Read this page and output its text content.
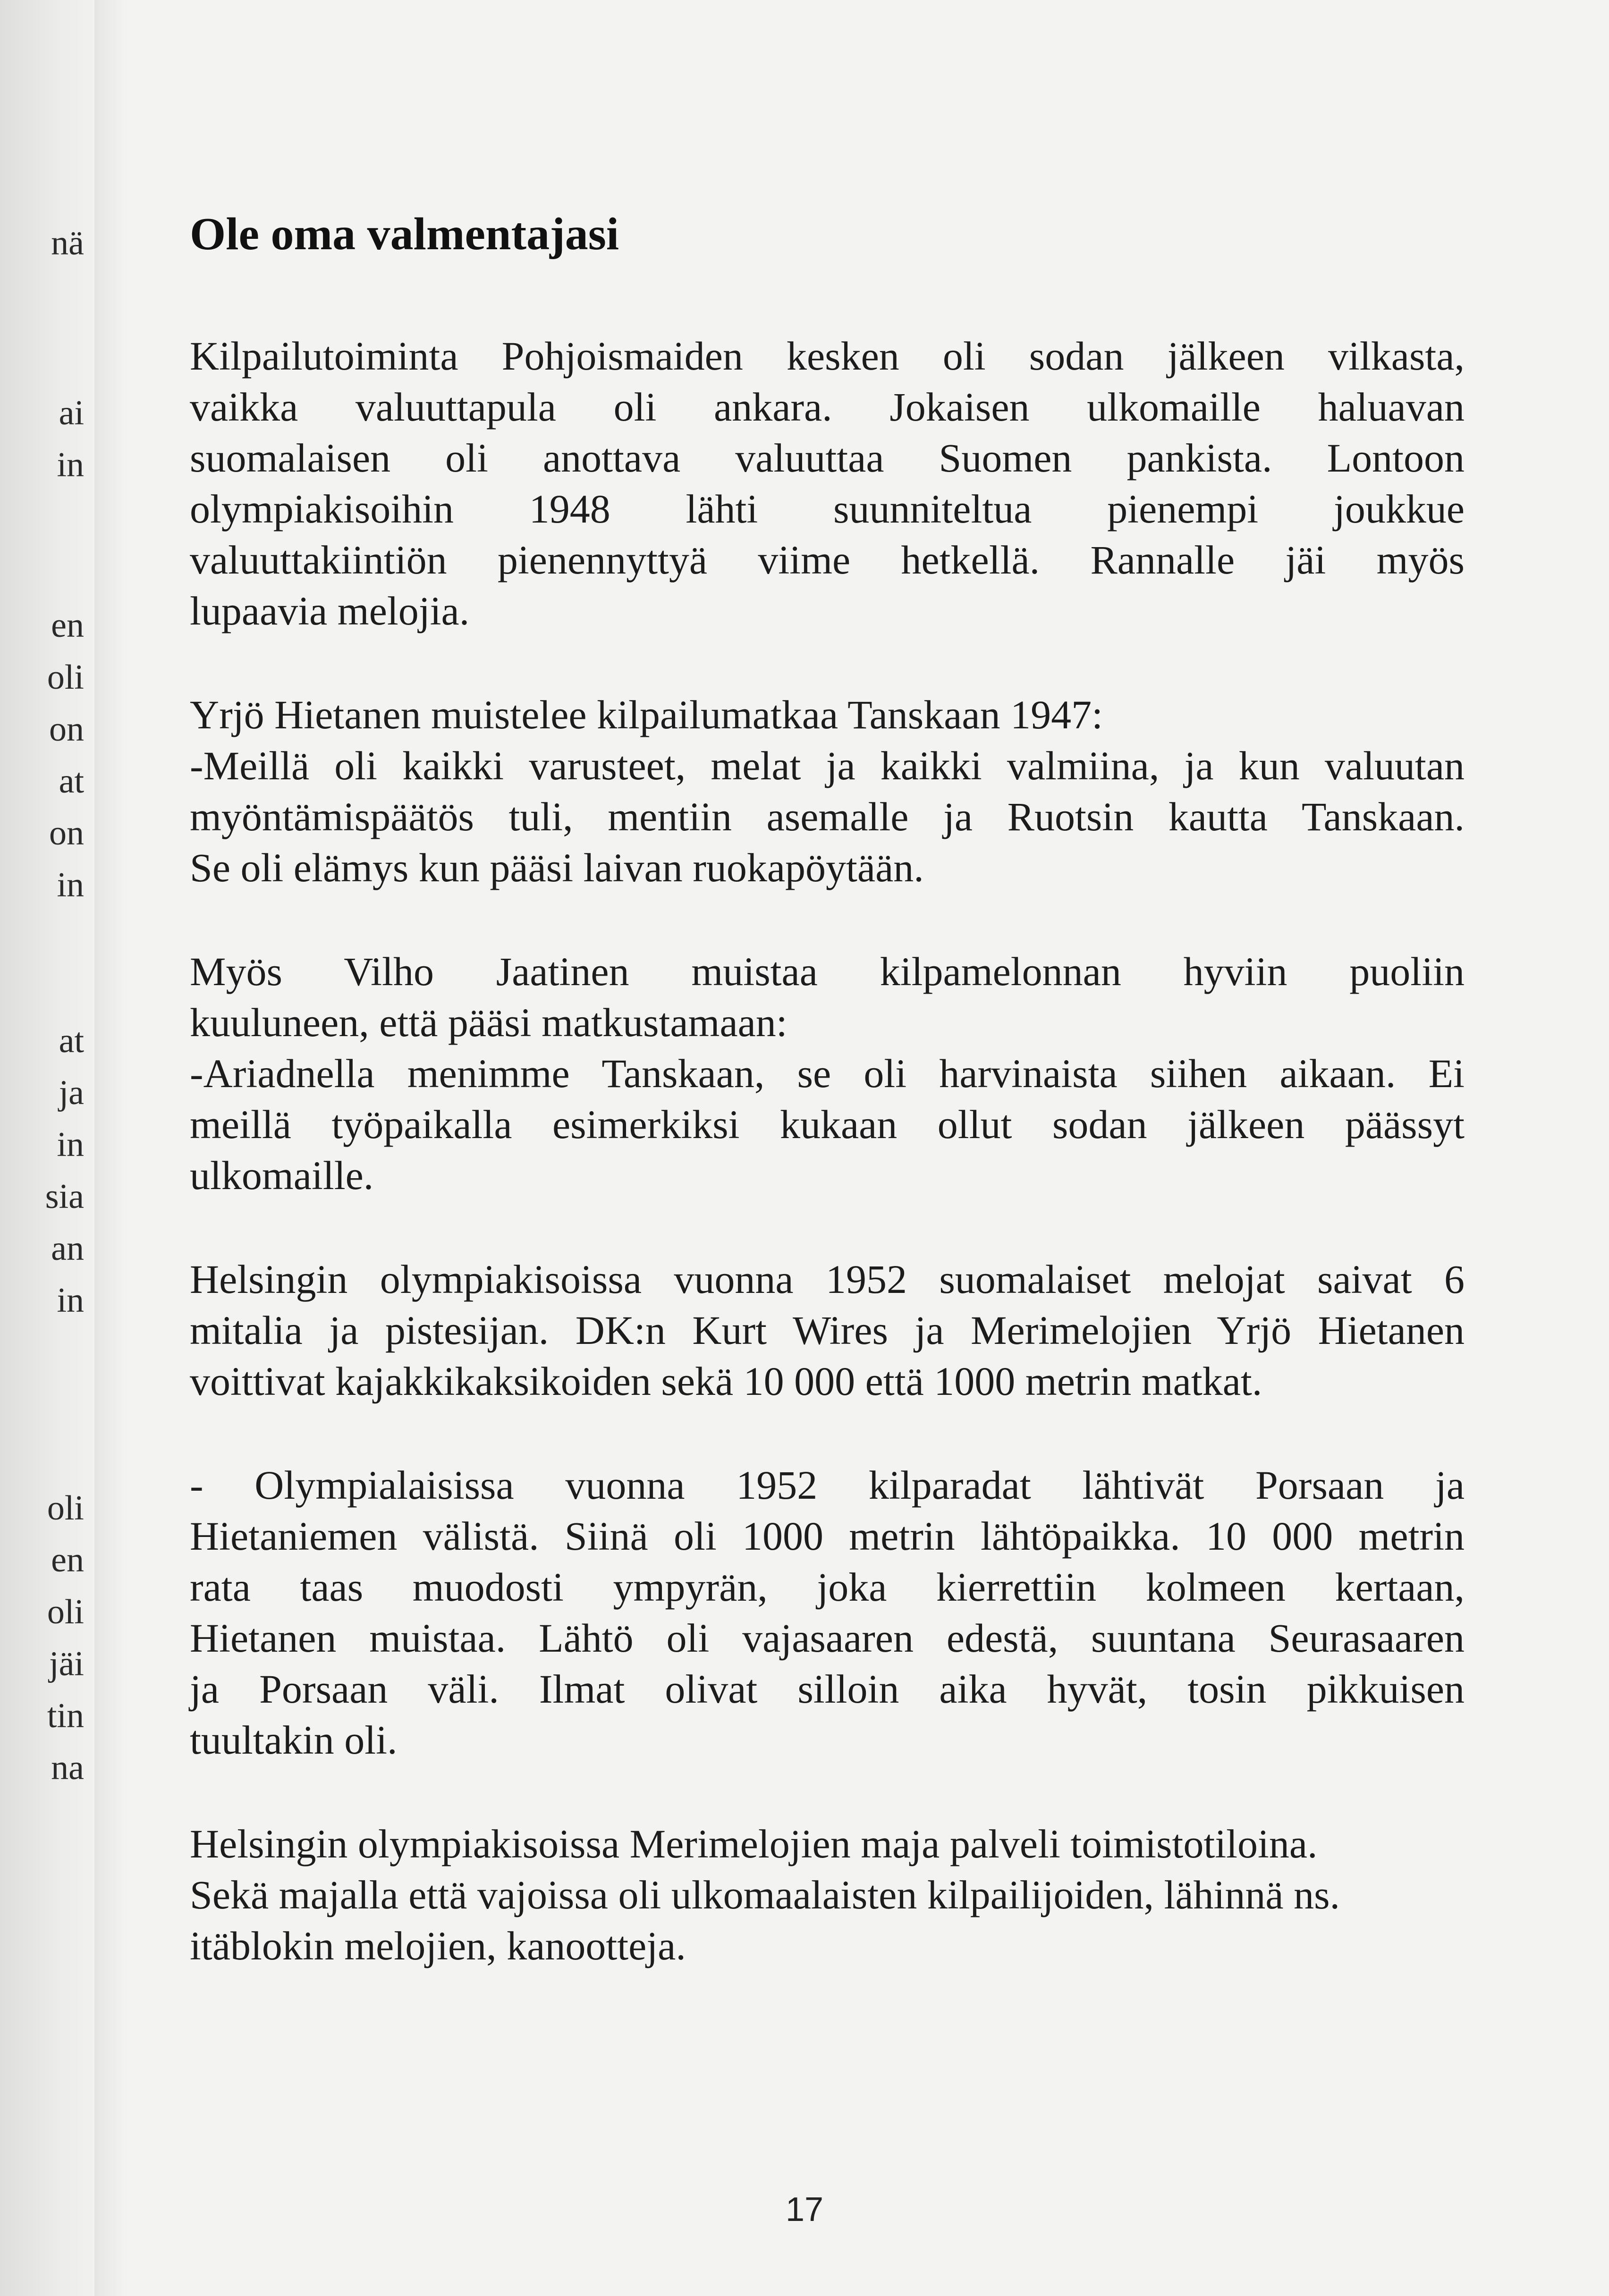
nä
ai
in
en
oli
on
at
on
in
at
ja
in
sia
an
in
oli
en
oli
jäi
tin
na
Ole oma valmentajasi

Kilpailutoiminta Pohjoismaiden kesken oli sodan jälkeen vilkasta,
vaikka valuuttapula oli ankara. Jokaisen ulkomaille haluavan
suomalaisen oli anottava valuuttaa Suomen pankista. Lontoon
olympiakisoihin 1948 lähti suunniteltua pienempi joukkue
valuuttakiintiön pienennyttyä viime hetkellä. Rannalle jäi myös
lupaavia melojia.

Yrjö Hietanen muistelee kilpailumatkaa Tanskaan 1947:
-Meillä oli kaikki varusteet, melat ja kaikki valmiina, ja kun valuutan
myöntämispäätös tuli, mentiin asemalle ja Ruotsin kautta Tanskaan.
Se oli elämys kun pääsi laivan ruokapöytään.

Myös Vilho Jaatinen muistaa kilpamelonnan hyviin puoliin
kuuluneen, että pääsi matkustamaan:
-Ariadnella menimme Tanskaan, se oli harvinaista siihen aikaan. Ei
meillä työpaikalla esimerkiksi kukaan ollut sodan jälkeen päässyt
ulkomaille.

Helsingin olympiakisoissa vuonna 1952 suomalaiset melojat saivat 6
mitalia ja pistesijan. DK:n Kurt Wires ja Merimelojien Yrjö Hietanen
voittivat kajakkikaksikoiden sekä 10 000 että 1000 metrin matkat.

- Olympialaisissa vuonna 1952 kilparadat lähtivät Porsaan ja
Hietaniemen välistä. Siinä oli 1000 metrin lähtöpaikka. 10 000 metrin
rata taas muodosti ympyrän, joka kierrettiin kolmeen kertaan,
Hietanen muistaa. Lähtö oli vajasaaren edestä, suuntana Seurasaaren
ja Porsaan väli. Ilmat olivat silloin aika hyvät, tosin pikkuisen
tuultakin oli.

Helsingin olympiakisoissa Merimelojien maja palveli toimistotiloina.
Sekä majalla että vajoissa oli ulkomaalaisten kilpailijoiden, lähinnä ns.
itäblokin melojien, kanootteja.

17
